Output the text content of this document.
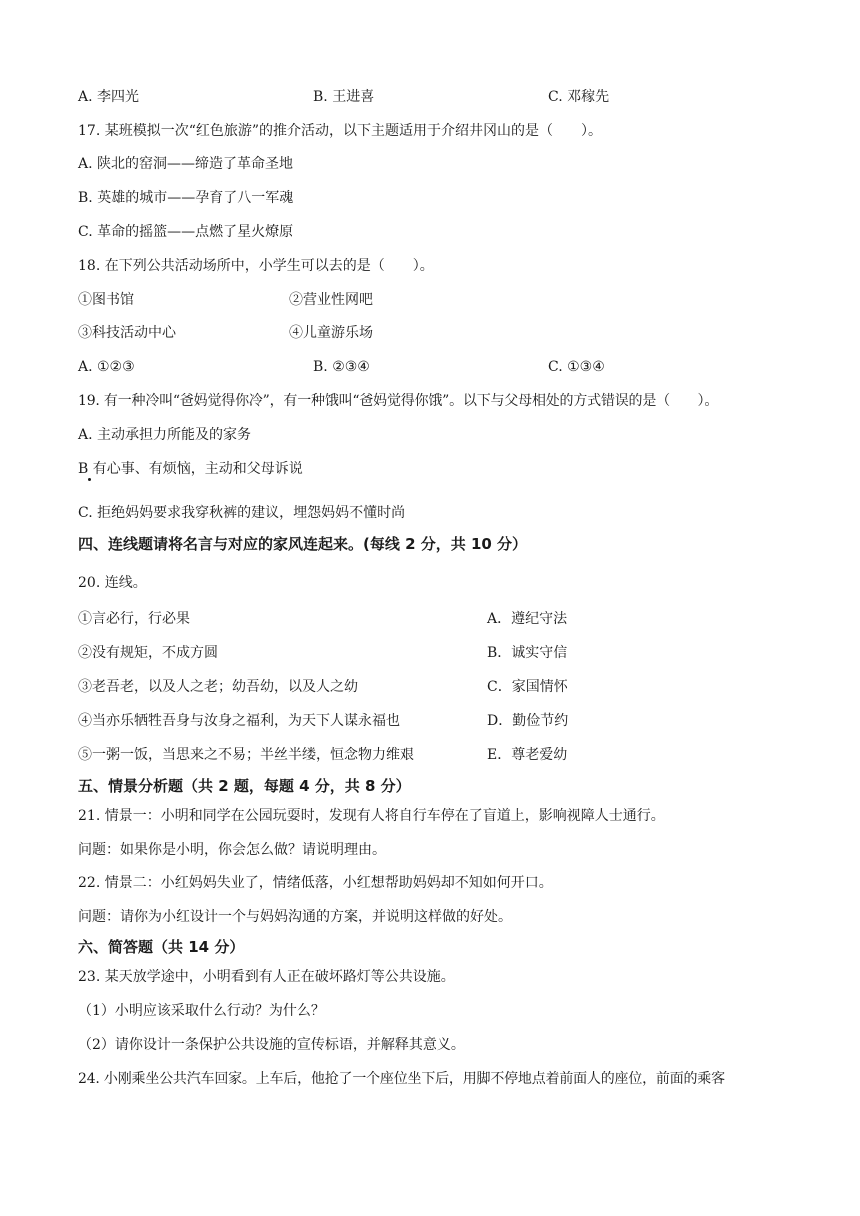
A. 李四光	B. 王进喜	C. 邓稼先
17. 某班模拟一次“红色旅游”的推介活动，以下主题适用于介绍井冈山的是（　　）。
A. 陕北的窑洞——缔造了革命圣地
B. 英雄的城市——孕育了八一军魂
C. 革命的摇篮——点燃了星火燎原
18. 在下列公共活动场所中，小学生可以去的是（　　）。
①图书馆	②营业性网吧
③科技活动中心	④儿童游乐场
A. ①②③	B. ②③④	C. ①③④
19. 有一种冷叫“爸妈觉得你冷”，有一种饿叫“爸妈觉得你饿”。以下与父母相处的方式错误的是（　　）。
A. 主动承担力所能及的家务
B 有心事、有烦恼，主动和父母诉说
C. 拒绝妈妈要求我穿秋裤的建议，埋怨妈妈不懂时尚
四、连线题请将名言与对应的家风连起来。(每线 2 分，共 10 分）
20. 连线。
①言必行，行必果	A．遵纪守法
②没有规矩，不成方圆	B．诚实守信
③老吾老，以及人之老；幼吾幼，以及人之幼	C．家国情怀
④当亦乐牺牲吾身与汝身之福利，为天下人谋永福也	D．勤俭节约
⑤一粥一饭，当思来之不易；半丝半缕，恒念物力维艰	E．尊老爱幼
五、情景分析题（共 2 题，每题 4 分，共 8 分）
21. 情景一：小明和同学在公园玩耍时，发现有人将自行车停在了盲道上，影响视障人士通行。
问题：如果你是小明，你会怎么做？请说明理由。
22. 情景二：小红妈妈失业了，情绪低落，小红想帮助妈妈却不知如何开口。
问题：请你为小红设计一个与妈妈沟通的方案，并说明这样做的好处。
六、简答题（共 14 分）
23. 某天放学途中，小明看到有人正在破坏路灯等公共设施。
（1）小明应该采取什么行动？为什么？
（2）请你设计一条保护公共设施的宣传标语，并解释其意义。
24. 小刚乘坐公共汽车回家。上车后，他抢了一个座位坐下后，用脚不停地点着前面人的座位，前面的乘客
